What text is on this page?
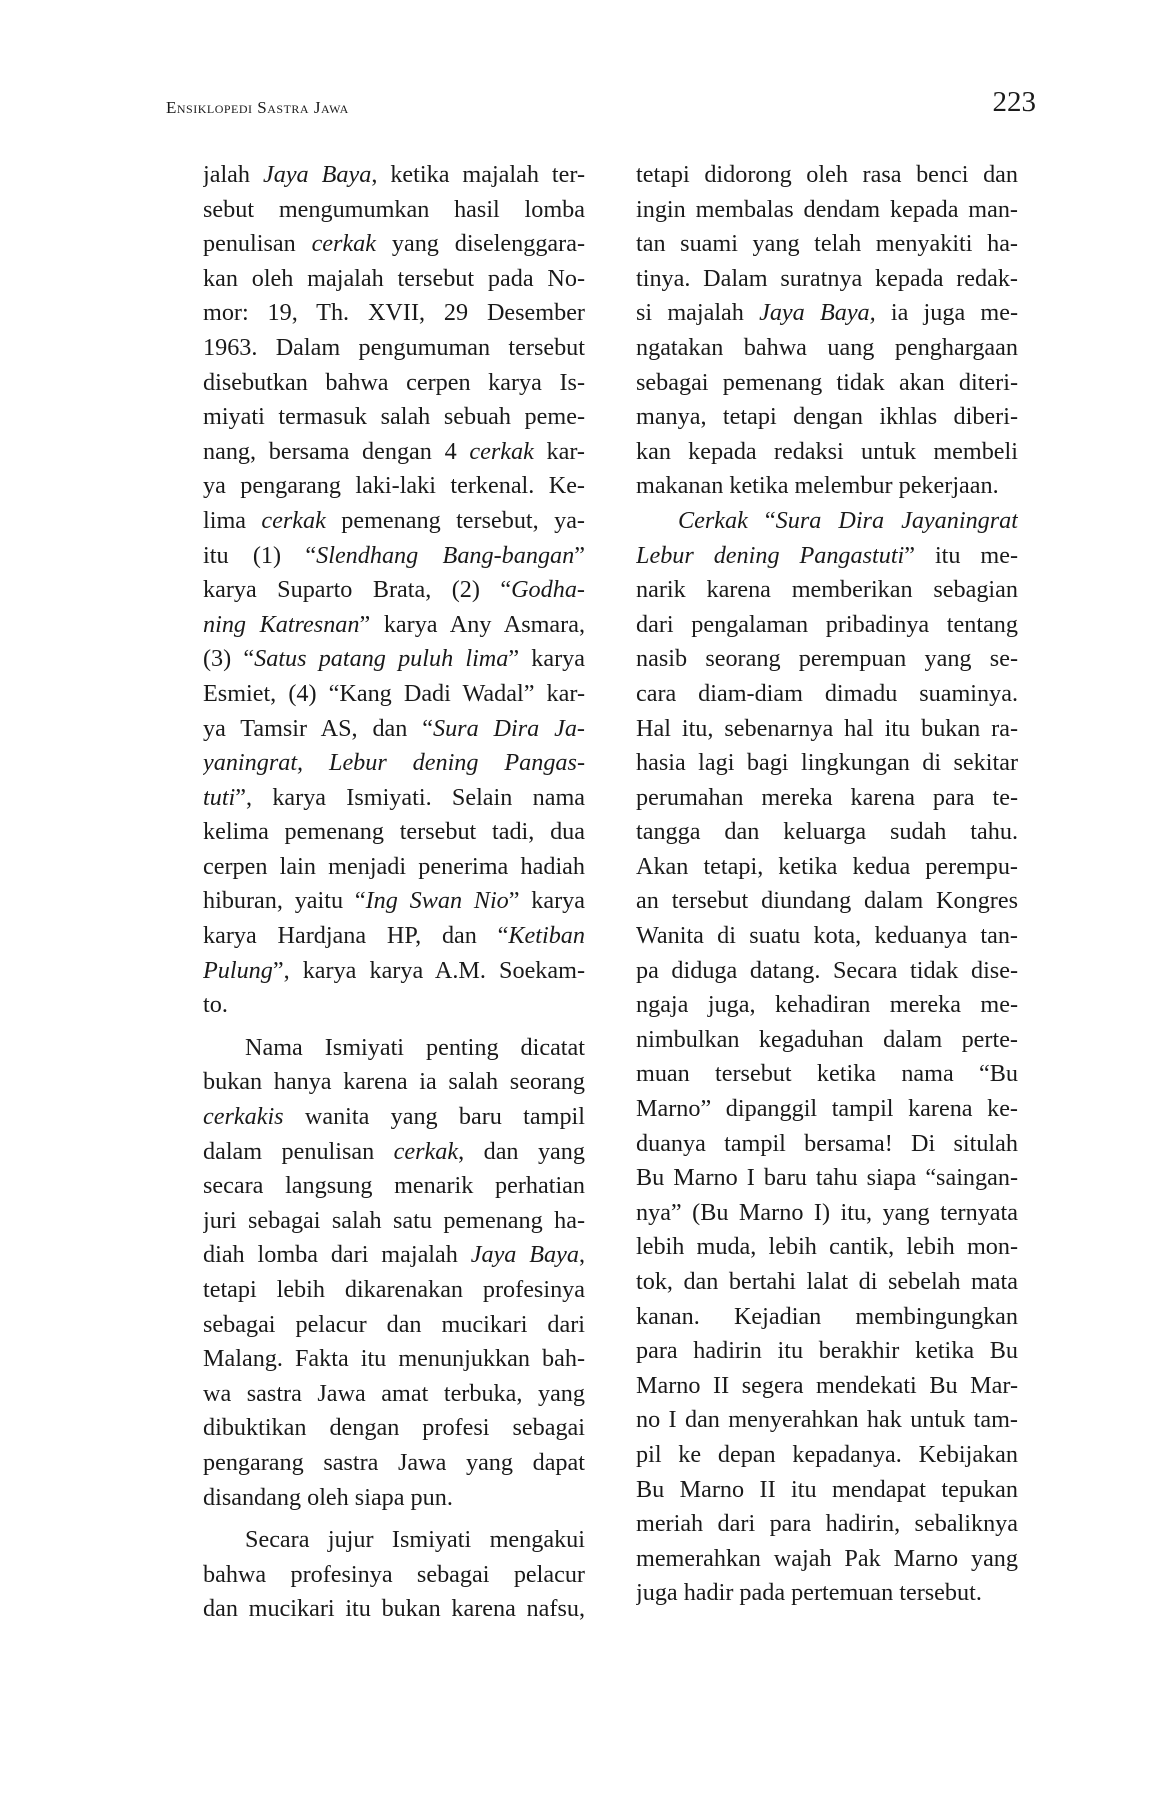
Ensiklopedi Sastra Jawa	223
jalah Jaya Baya, ketika majalah ter-
sebut mengumumkan hasil lomba
penulisan cerkak yang diselenggara-
kan oleh majalah tersebut pada No-
mor: 19, Th. XVII, 29 Desember
1963. Dalam pengumuman tersebut
disebutkan bahwa cerpen karya Is-
miyati termasuk salah sebuah peme-
nang, bersama dengan 4 cerkak kar-
ya pengarang laki-laki terkenal. Ke-
lima cerkak pemenang tersebut, ya-
itu (1) “Slendhang Bang-bangan”
karya Suparto Brata, (2) “Godha-
ning Katresnan” karya Any Asmara,
(3) “Satus patang puluh lima” karya
Esmiet, (4) “Kang Dadi Wadal” kar-
ya Tamsir AS, dan “Sura Dira Ja-
yaningrat, Lebur dening Pangas-
tuti”, karya Ismiyati. Selain nama
kelima pemenang tersebut tadi, dua
cerpen lain menjadi penerima hadiah
hiburan, yaitu “Ing Swan Nio” karya
karya Hardjana HP, dan “Ketiban
Pulung”, karya karya A.M. Soekam-
to.
Nama Ismiyati penting dicatat
bukan hanya karena ia salah seorang
cerkakis wanita yang baru tampil
dalam penulisan cerkak, dan yang
secara langsung menarik perhatian
juri sebagai salah satu pemenang ha-
diah lomba dari majalah Jaya Baya,
tetapi lebih dikarenakan profesinya
sebagai pelacur dan mucikari dari
Malang. Fakta itu menunjukkan bah-
wa sastra Jawa amat terbuka, yang
dibuktikan dengan profesi sebagai
pengarang sastra Jawa yang dapat
disandang oleh siapa pun.
Secara jujur Ismiyati mengakui
bahwa profesinya sebagai pelacur
dan mucikari itu bukan karena nafsu,
tetapi didorong oleh rasa benci dan
ingin membalas dendam kepada man-
tan suami yang telah menyakiti ha-
tinya. Dalam suratnya kepada redak-
si majalah Jaya Baya, ia juga me-
ngatakan bahwa uang penghargaan
sebagai pemenang tidak akan diteri-
manya, tetapi dengan ikhlas diberi-
kan kepada redaksi untuk membeli
makanan ketika melembur pekerjaan.
Cerkak “Sura Dira Jayaningrat
Lebur dening Pangastuti” itu me-
narik karena memberikan sebagian
dari pengalaman pribadinya tentang
nasib seorang perempuan yang se-
cara diam-diam dimadu suaminya.
Hal itu, sebenarnya hal itu bukan ra-
hasia lagi bagi lingkungan di sekitar
perumahan mereka karena para te-
tangga dan keluarga sudah tahu.
Akan tetapi, ketika kedua perempu-
an tersebut diundang dalam Kongres
Wanita di suatu kota, keduanya tan-
pa diduga datang. Secara tidak dise-
ngaja juga, kehadiran mereka me-
nimbulkan kegaduhan dalam perte-
muan tersebut ketika nama “Bu
Marno” dipanggil tampil karena ke-
duanya tampil bersama! Di situlah
Bu Marno I baru tahu siapa “saingan-
nya” (Bu Marno I) itu, yang ternyata
lebih muda, lebih cantik, lebih mon-
tok, dan bertahi lalat di sebelah mata
kanan. Kejadian membingungkan
para hadirin itu berakhir ketika Bu
Marno II segera mendekati Bu Mar-
no I dan menyerahkan hak untuk tam-
pil ke depan kepadanya. Kebijakan
Bu Marno II itu mendapat tepukan
meriah dari para hadirin, sebaliknya
memerahkan wajah Pak Marno yang
juga hadir pada pertemuan tersebut.
